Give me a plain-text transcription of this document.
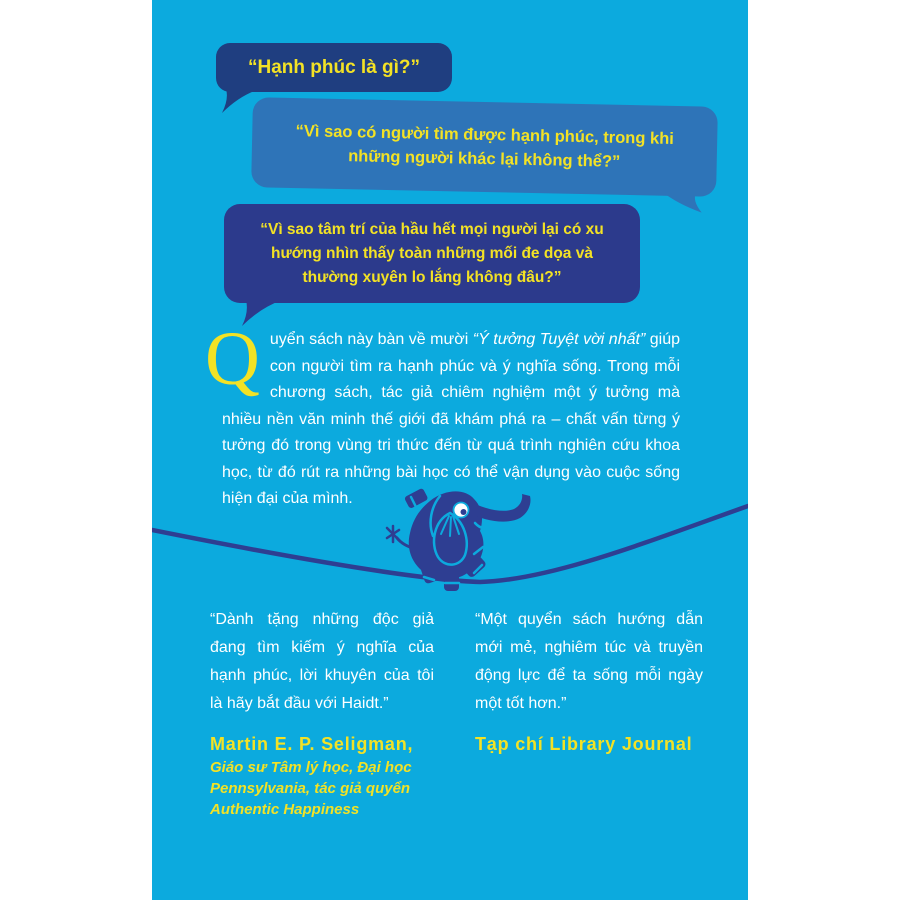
“Hạnh phúc là gì?”
“Vì sao có người tìm được hạnh phúc, trong khi những người khác lại không thể?”
“Vì sao tâm trí của hầu hết mọi người lại có xu hướng nhìn thấy toàn những mối đe dọa và thường xuyên lo lắng không đâu?”

Quyển sách này bàn về mười “Ý tưởng Tuyệt vời nhất” giúp con người tìm ra hạnh phúc và ý nghĩa sống. Trong mỗi chương sách, tác giả chiêm nghiệm một ý tưởng mà nhiều nền văn minh thế giới đã khám phá ra – chất vấn từng ý tưởng đó trong vùng tri thức đến từ quá trình nghiên cứu khoa học, từ đó rút ra những bài học có thể vận dụng vào cuộc sống hiện đại của mình.

“Dành tặng những độc giả đang tìm kiếm ý nghĩa của hạnh phúc, lời khuyên của tôi là hãy bắt đầu với Haidt.”

Martin E. P. Seligman,

Giáo sư Tâm lý học, Đại học Pennsylvania, tác giả quyển Authentic Happiness

“Một quyển sách hướng dẫn mới mẻ, nghiêm túc và truyền động lực để ta sống mỗi ngày một tốt hơn.”

Tạp chí Library Journal
